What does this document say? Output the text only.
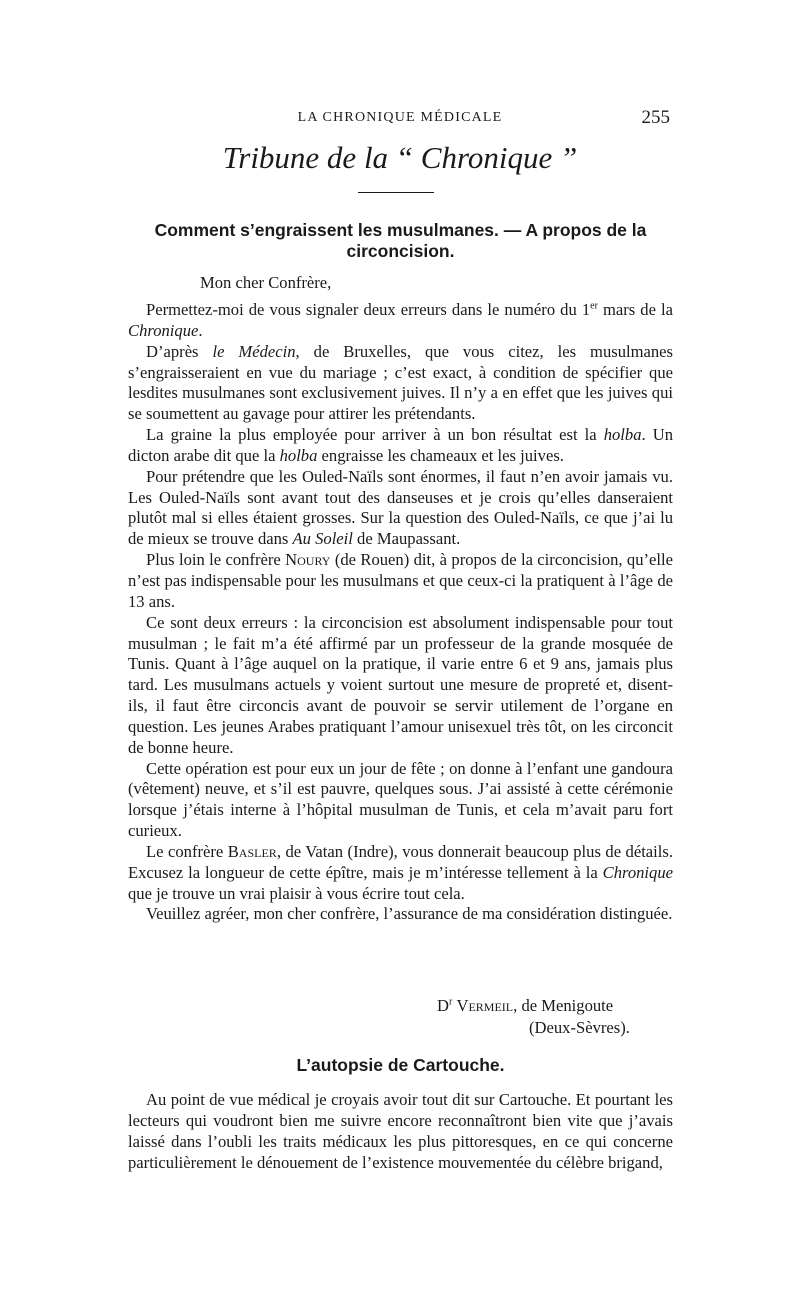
LA CHRONIQUE MÉDICALE	255
Tribune de la “ Chronique ”
Comment s’engraissent les musulmanes. — A propos de la circoncision.
Mon cher Confrère,

Permettez-moi de vous signaler deux erreurs dans le numéro du 1er mars de la Chronique.

D’après le Médecin, de Bruxelles, que vous citez, les musulmanes s’engraisseraient en vue du mariage ; c’est exact, à condition de spécifier que lesdites musulmanes sont exclusivement juives. Il n’y a en effet que les juives qui se soumettent au gavage pour attirer les prétendants.

La graine la plus employée pour arriver à un bon résultat est la holba. Un dicton arabe dit que la holba engraisse les chameaux et les juives.

Pour prétendre que les Ouled-Naïls sont énormes, il faut n’en avoir jamais vu. Les Ouled-Naïls sont avant tout des danseuses et je crois qu’elles danseraient plutôt mal si elles étaient grosses. Sur la question des Ouled-Naïls, ce que j’ai lu de mieux se trouve dans Au Soleil de Maupassant.

Plus loin le confrère Noury (de Rouen) dit, à propos de la circoncision, qu’elle n’est pas indispensable pour les musulmans et que ceux-ci la pratiquent à l’âge de 13 ans.

Ce sont deux erreurs : la circoncision est absolument indispensable pour tout musulman ; le fait m’a été affirmé par un professeur de la grande mosquée de Tunis. Quant à l’âge auquel on la pratique, il varie entre 6 et 9 ans, jamais plus tard. Les musulmans actuels y voient surtout une mesure de propreté et, disent-ils, il faut être circoncis avant de pouvoir se servir utilement de l’organe en question. Les jeunes Arabes pratiquant l’amour unisexuel très tôt, on les circoncit de bonne heure.

Cette opération est pour eux un jour de fête ; on donne à l’enfant une gandoura (vêtement) neuve, et s’il est pauvre, quelques sous. J’ai assisté à cette cérémonie lorsque j’étais interne à l’hôpital musulman de Tunis, et cela m’avait paru fort curieux.

Le confrère Basler, de Vatan (Indre), vous donnerait beaucoup plus de détails. Excusez la longueur de cette épître, mais je m’intéresse tellement à la Chronique que je trouve un vrai plaisir à vous écrire tout cela.

Veuillez agréer, mon cher confrère, l’assurance de ma considération distinguée.

$D^r$ Vermeil, de Menigoute
(Deux-Sèvres).
L’autopsie de Cartouche.

Au point de vue médical je croyais avoir tout dit sur Cartouche. Et pourtant les lecteurs qui voudront bien me suivre encore reconnaîtront bien vite que j’avais laissé dans l’oubli les traits médicaux les plus pittoresques, en ce qui concerne particulièrement le dénouement de l’existence mouvementée du célèbre brigand,
